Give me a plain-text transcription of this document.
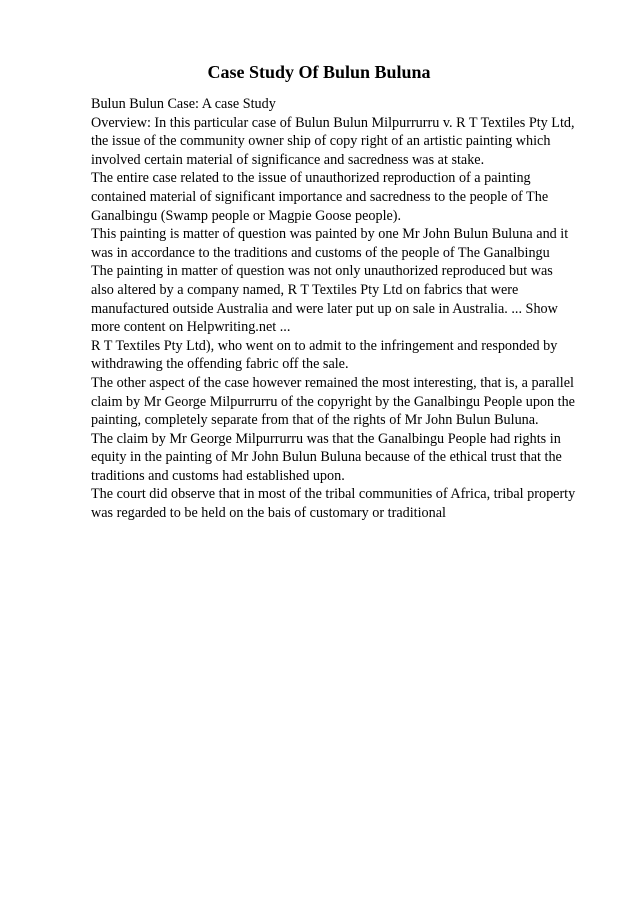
Case Study Of Bulun Buluna
Bulun Bulun Case: A case Study
Overview: In this particular case of Bulun Bulun Milpurrurru v. R T Textiles Pty Ltd,
the issue of the community owner ship of copy right of an artistic painting which
involved certain material of significance and sacredness was at stake.
The entire case related to the issue of unauthorized reproduction of a painting
contained material of significant importance and sacredness to the people of The
Ganalbingu (Swamp people or Magpie Goose people).
This painting is matter of question was painted by one Mr John Bulun Buluna and it
was in accordance to the traditions and customs of the people of The Ganalbingu
The painting in matter of question was not only unauthorized reproduced but was
also altered by a company named, R T Textiles Pty Ltd on fabrics that were
manufactured outside Australia and were later put up on sale in Australia. ... Show
more content on Helpwriting.net ...
R T Textiles Pty Ltd), who went on to admit to the infringement and responded by
withdrawing the offending fabric off the sale.
The other aspect of the case however remained the most interesting, that is, a parallel
claim by Mr George Milpurrurru of the copyright by the Ganalbingu People upon the
painting, completely separate from that of the rights of Mr John Bulun Buluna.
The claim by Mr George Milpurrurru was that the Ganalbingu People had rights in
equity in the painting of Mr John Bulun Buluna because of the ethical trust that the
traditions and customs had established upon.
The court did observe that in most of the tribal communities of Africa, tribal property
was regarded to be held on the bais of customary or traditional
